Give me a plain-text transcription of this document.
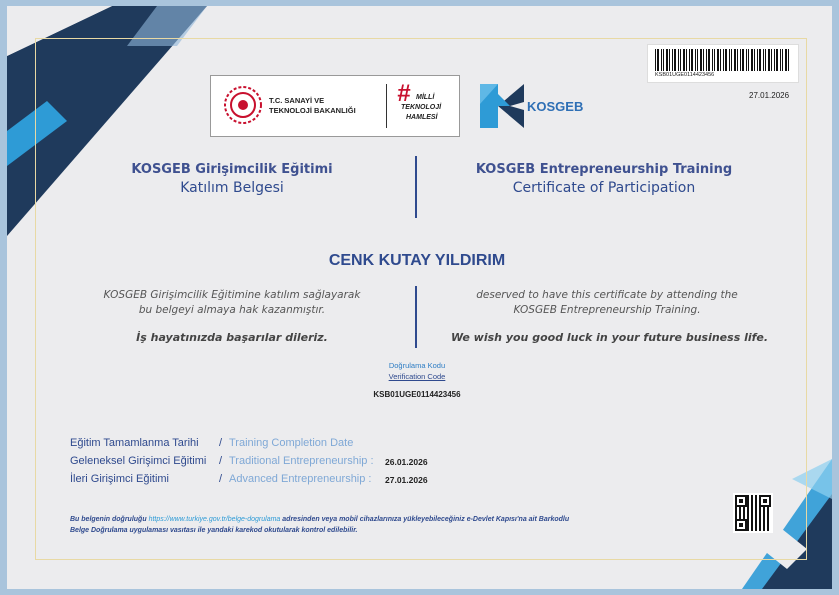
KSB01UGE0114423456
27.01.2026
T.C. SANAYİ VE
TEKNOLOJİ BAKANLIĞI
# MİLLİ
TEKNOLOJİ
HAMLESİ
KOSGEB
KOSGEB Girişimcilik Eğitimi
Katılım Belgesi
KOSGEB Entrepreneurship Training
Certificate of Participation
CENK KUTAY YILDIRIM
KOSGEB Girişimcilik Eğitimine katılım sağlayarak
bu belgeyi almaya hak kazanmıştır.
İş hayatınızda başarılar dileriz.
deserved to have this certificate by attending the
KOSGEB Entrepreneurship Training.
We wish you good luck in your future business life.
Doğrulama Kodu
Verification Code
KSB01UGE0114423456
Eğitim Tamamlanma Tarihi / Training Completion Date
Geleneksel Girişimci Eğitimi / Traditional Entrepreneurship : 26.01.2026
İleri Girişimci Eğitimi	/ Advanced Entrepreneurship : 27.01.2026
Bu belgenin doğruluğu https://www.turkiye.gov.tr/belge-dogrulama adresinden veya mobil cihazlarınıza yükleyebileceğiniz e-Devlet Kapısı'na ait Barkodlu
Belge Doğrulama uygulaması vasıtası ile yandaki karekod okutularak kontrol edilebilir.
